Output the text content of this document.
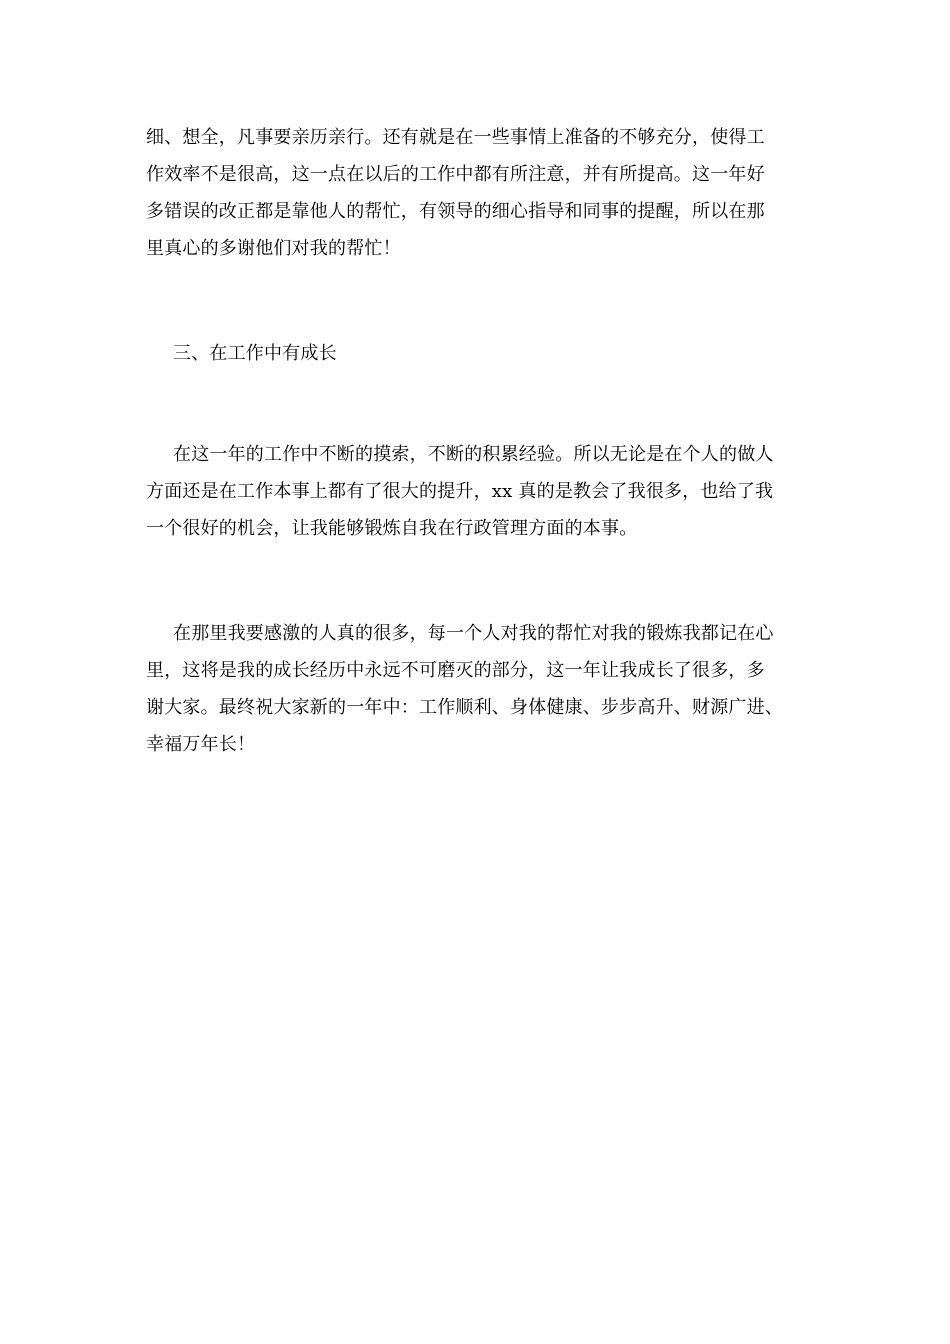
细、想全，凡事要亲历亲行。还有就是在一些事情上准备的不够充分，使得工
作效率不是很高，这一点在以后的工作中都有所注意，并有所提高。这一年好
多错误的改正都是靠他人的帮忙，有领导的细心指导和同事的提醒，所以在那
里真心的多谢他们对我的帮忙！
三、在工作中有成长
在这一年的工作中不断的摸索，不断的积累经验。所以无论是在个人的做人
方面还是在工作本事上都有了很大的提升，xx 真的是教会了我很多，也给了我
一个很好的机会，让我能够锻炼自我在行政管理方面的本事。
在那里我要感激的人真的很多，每一个人对我的帮忙对我的锻炼我都记在心
里，这将是我的成长经历中永远不可磨灭的部分，这一年让我成长了很多，多
谢大家。最终祝大家新的一年中：工作顺利、身体健康、步步高升、财源广进、
幸福万年长！
